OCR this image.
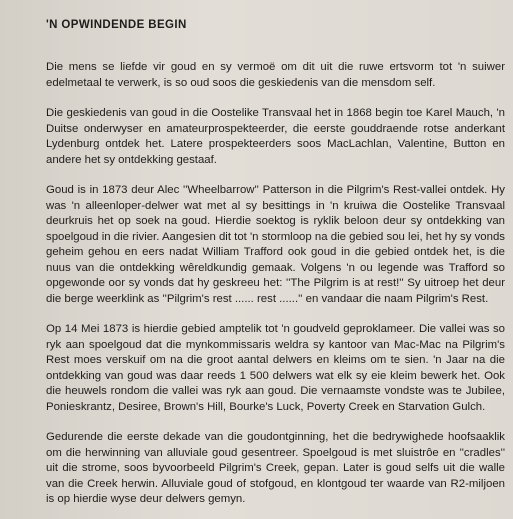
'N OPWINDENDE BEGIN

Die mens se liefde vir goud en sy vermoë om dit uit die ruwe ertsvorm tot 'n suiwer edelmetaal te verwerk, is so oud soos die geskiedenis van die mensdom self.

Die geskiedenis van goud in die Oostelike Transvaal het in 1868 begin toe Karel Mauch, 'n Duitse onderwyser en amateurprospekteerder, die eerste gouddraende rotse anderkant Lydenburg ontdek het. Latere prospekteerders soos MacLachlan, Valentine, Button en andere het sy ontdekking gestaaf.

Goud is in 1873 deur Alec ''Wheelbarrow'' Patterson in die Pilgrim's Rest-vallei ontdek. Hy was 'n alleenloper-delwer wat met al sy besittings in 'n kruiwa die Oostelike Transvaal deurkruis het op soek na goud. Hierdie soektog is ryklik beloon deur sy ontdekking van spoelgoud in die rivier. Aangesien dit tot 'n stormloop na die gebied sou lei, het hy sy vonds geheim gehou en eers nadat William Trafford ook goud in die gebied ontdek het, is die nuus van die ontdekking wêreldkundig gemaak. Volgens 'n ou legende was Trafford so opgewonde oor sy vonds dat hy geskreeu het: ''The Pilgrim is at rest!'' Sy uitroep het deur die berge weerklink as ''Pilgrim's rest ...... rest ......'' en vandaar die naam Pilgrim's Rest.

Op 14 Mei 1873 is hierdie gebied amptelik tot 'n goudveld geproklameer. Die vallei was so ryk aan spoelgoud dat die mynkommissaris weldra sy kantoor van Mac-Mac na Pilgrim's Rest moes verskuif om na die groot aantal delwers en kleims om te sien. 'n Jaar na die ontdekking van goud was daar reeds 1 500 delwers wat elk sy eie kleim bewerk het. Ook die heuwels rondom die vallei was ryk aan goud. Die vernaamste vondste was te Jubilee, Ponieskrantz, Desiree, Brown's Hill, Bourke's Luck, Poverty Creek en Starvation Gulch.

Gedurende die eerste dekade van die goudontginning, het die bedrywighede hoofsaaklik om die herwinning van alluviale goud gesentreer. Spoelgoud is met sluistrôe en ''cradles'' uit die strome, soos byvoorbeeld Pilgrim's Creek, gepan. Later is goud selfs uit die walle van die Creek herwin. Alluviale goud of stofgoud, en klontgoud ter waarde van R2-miljoen is op hierdie wyse deur delwers gemyn.
